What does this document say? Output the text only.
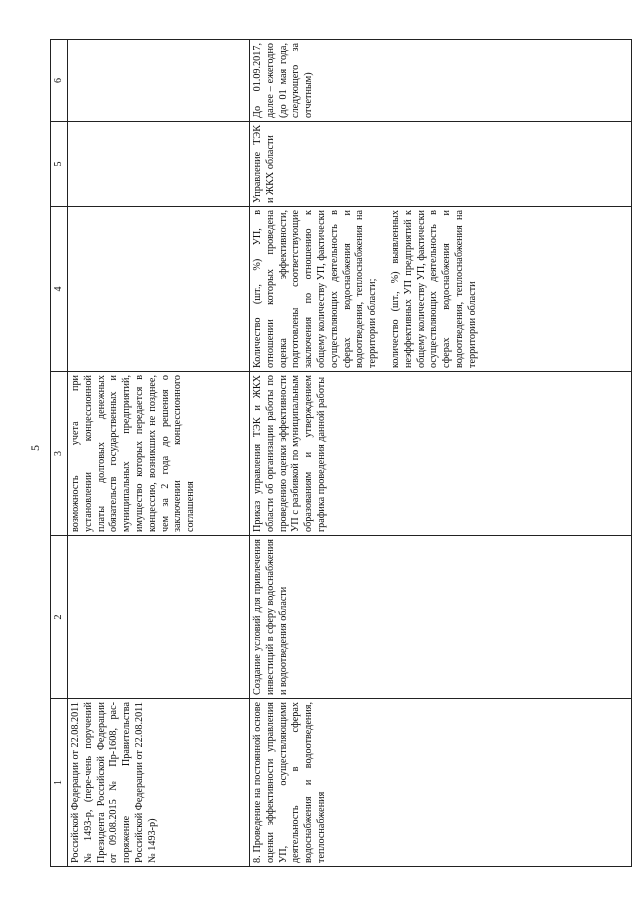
5
1	2	3	4	5	6
Российской Федерации от 22.08.2011 № 1493-р, (пере-чень поручений Президента Российской Федерации от 09.08.2015 № Пр-1608, рас-поряжение Правительства Российской Федерации от 22.08.2011 № 1493-р)		возможность учета при установлении концессионной платы долговых денежных обязательств государственных и муниципальных предприятий, имущество которых передается в концессию, возникших не позднее, чем за 2 года до решения о заключении концессионного соглашения			
8. Проведение на постоянной основе оценки эффективности управления УП, осуществляющими деятельность в сферах водоснабжения и водоотведения, теплоснабжения	Создание условий для привлечения инвестиций в сферу водоснабжения и водоотведения области	Приказ управления ТЭК и ЖКХ области об организации работы по проведению оценки эффективности УП с разбивкой по муниципальным образованиям и утверждением графика проведения данной работы	Количество (шт., %) УП, в отношении которых проведена оценка эффективности, подготовлены соответствующие заключения по отношению к общему количеству УП, фактически осуществляющих деятельность в сферах водоснабжения и водоотведения, теплоснабжения на территории области; количество (шт., %) выявленных неэффективных УП предприятий к общему количеству УП, фактически осуществляющих деятельность в сферах водоснабжения и водоотведения, теплоснабжения на территории области	Управление ТЭК и ЖКХ области	До 01.09.2017, далее – ежегодно (до 01 мая года, следующего за отчетным)
